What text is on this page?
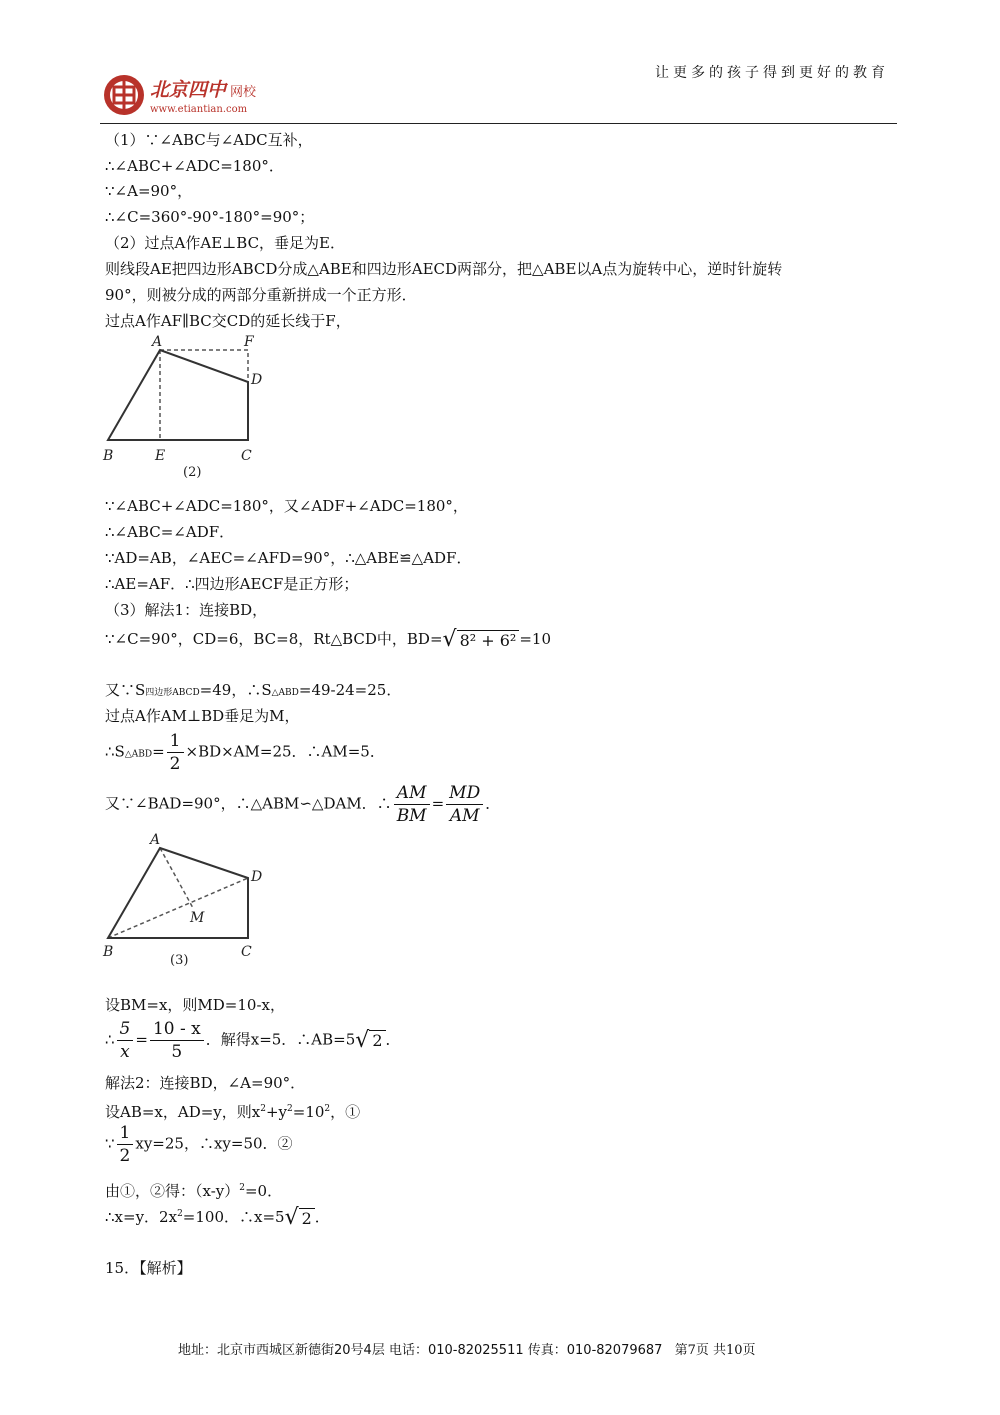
北京四中 网校
www.etiantian.com
让更多的孩子得到更好的教育
（1）∵∠ABC与∠ADC互补，
∴∠ABC+∠ADC=180°．
∵∠A=90°，
∴∠C=360°-90°-180°=90°；
（2）过点A作AE⊥BC，垂足为E．
则线段AE把四边形ABCD分成△ABE和四边形AECD两部分，把△ABE以A点为旋转中心，逆时针旋转
90°，则被分成的两部分重新拼成一个正方形．
过点A作AF∥BC交CD的延长线于F，
A	F
D
B	E	C
(2)
∵∠ABC+∠ADC=180°，又∠ADF+∠ADC=180°，
∴∠ABC=∠ADF．
∵AD=AB，∠AEC=∠AFD=90°，∴△ABE≌△ADF．
∴AE=AF．∴四边形AECF是正方形；
（3）解法1：连接BD，
∵∠C=90°，CD=6，BC=8，Rt△BCD中，BD=√ 8² + 6² =10
又∵S四边形ABCD=49，∴S△ABD=49-24=25．
过点A作AM⊥BD垂足为M，
∴S△ABD= $\frac{1}{2} \times BD\times AM=25$．∴AM=5．
又∵∠BAD=90°，∴△ABM∽△DAM．∴ $\frac{AM}{BM} = \frac{MD}{AM}$ ．
A
D
M
B	C
(3)
设BM=x，则MD=10-x，
∴ $\frac{5}{x} = \frac{10 - x}{5}$ ．解得x=5．∴AB=5√ 2 ．
解法2：连接BD，∠A=90°．
设AB=x，AD=y，则$x^2+y^2=10^2$，①
∵ $\frac{1}{2} xy=25$，∴xy=50．②
由①，②得：$(x-y)^2=0$．
∴x=y．$2x^2=100$．∴x=5√ 2 ．
15．【解析】
地址：北京市西城区新德街20号4层 电话：010-82025511 传真：010-82079687 第7页 共10页
